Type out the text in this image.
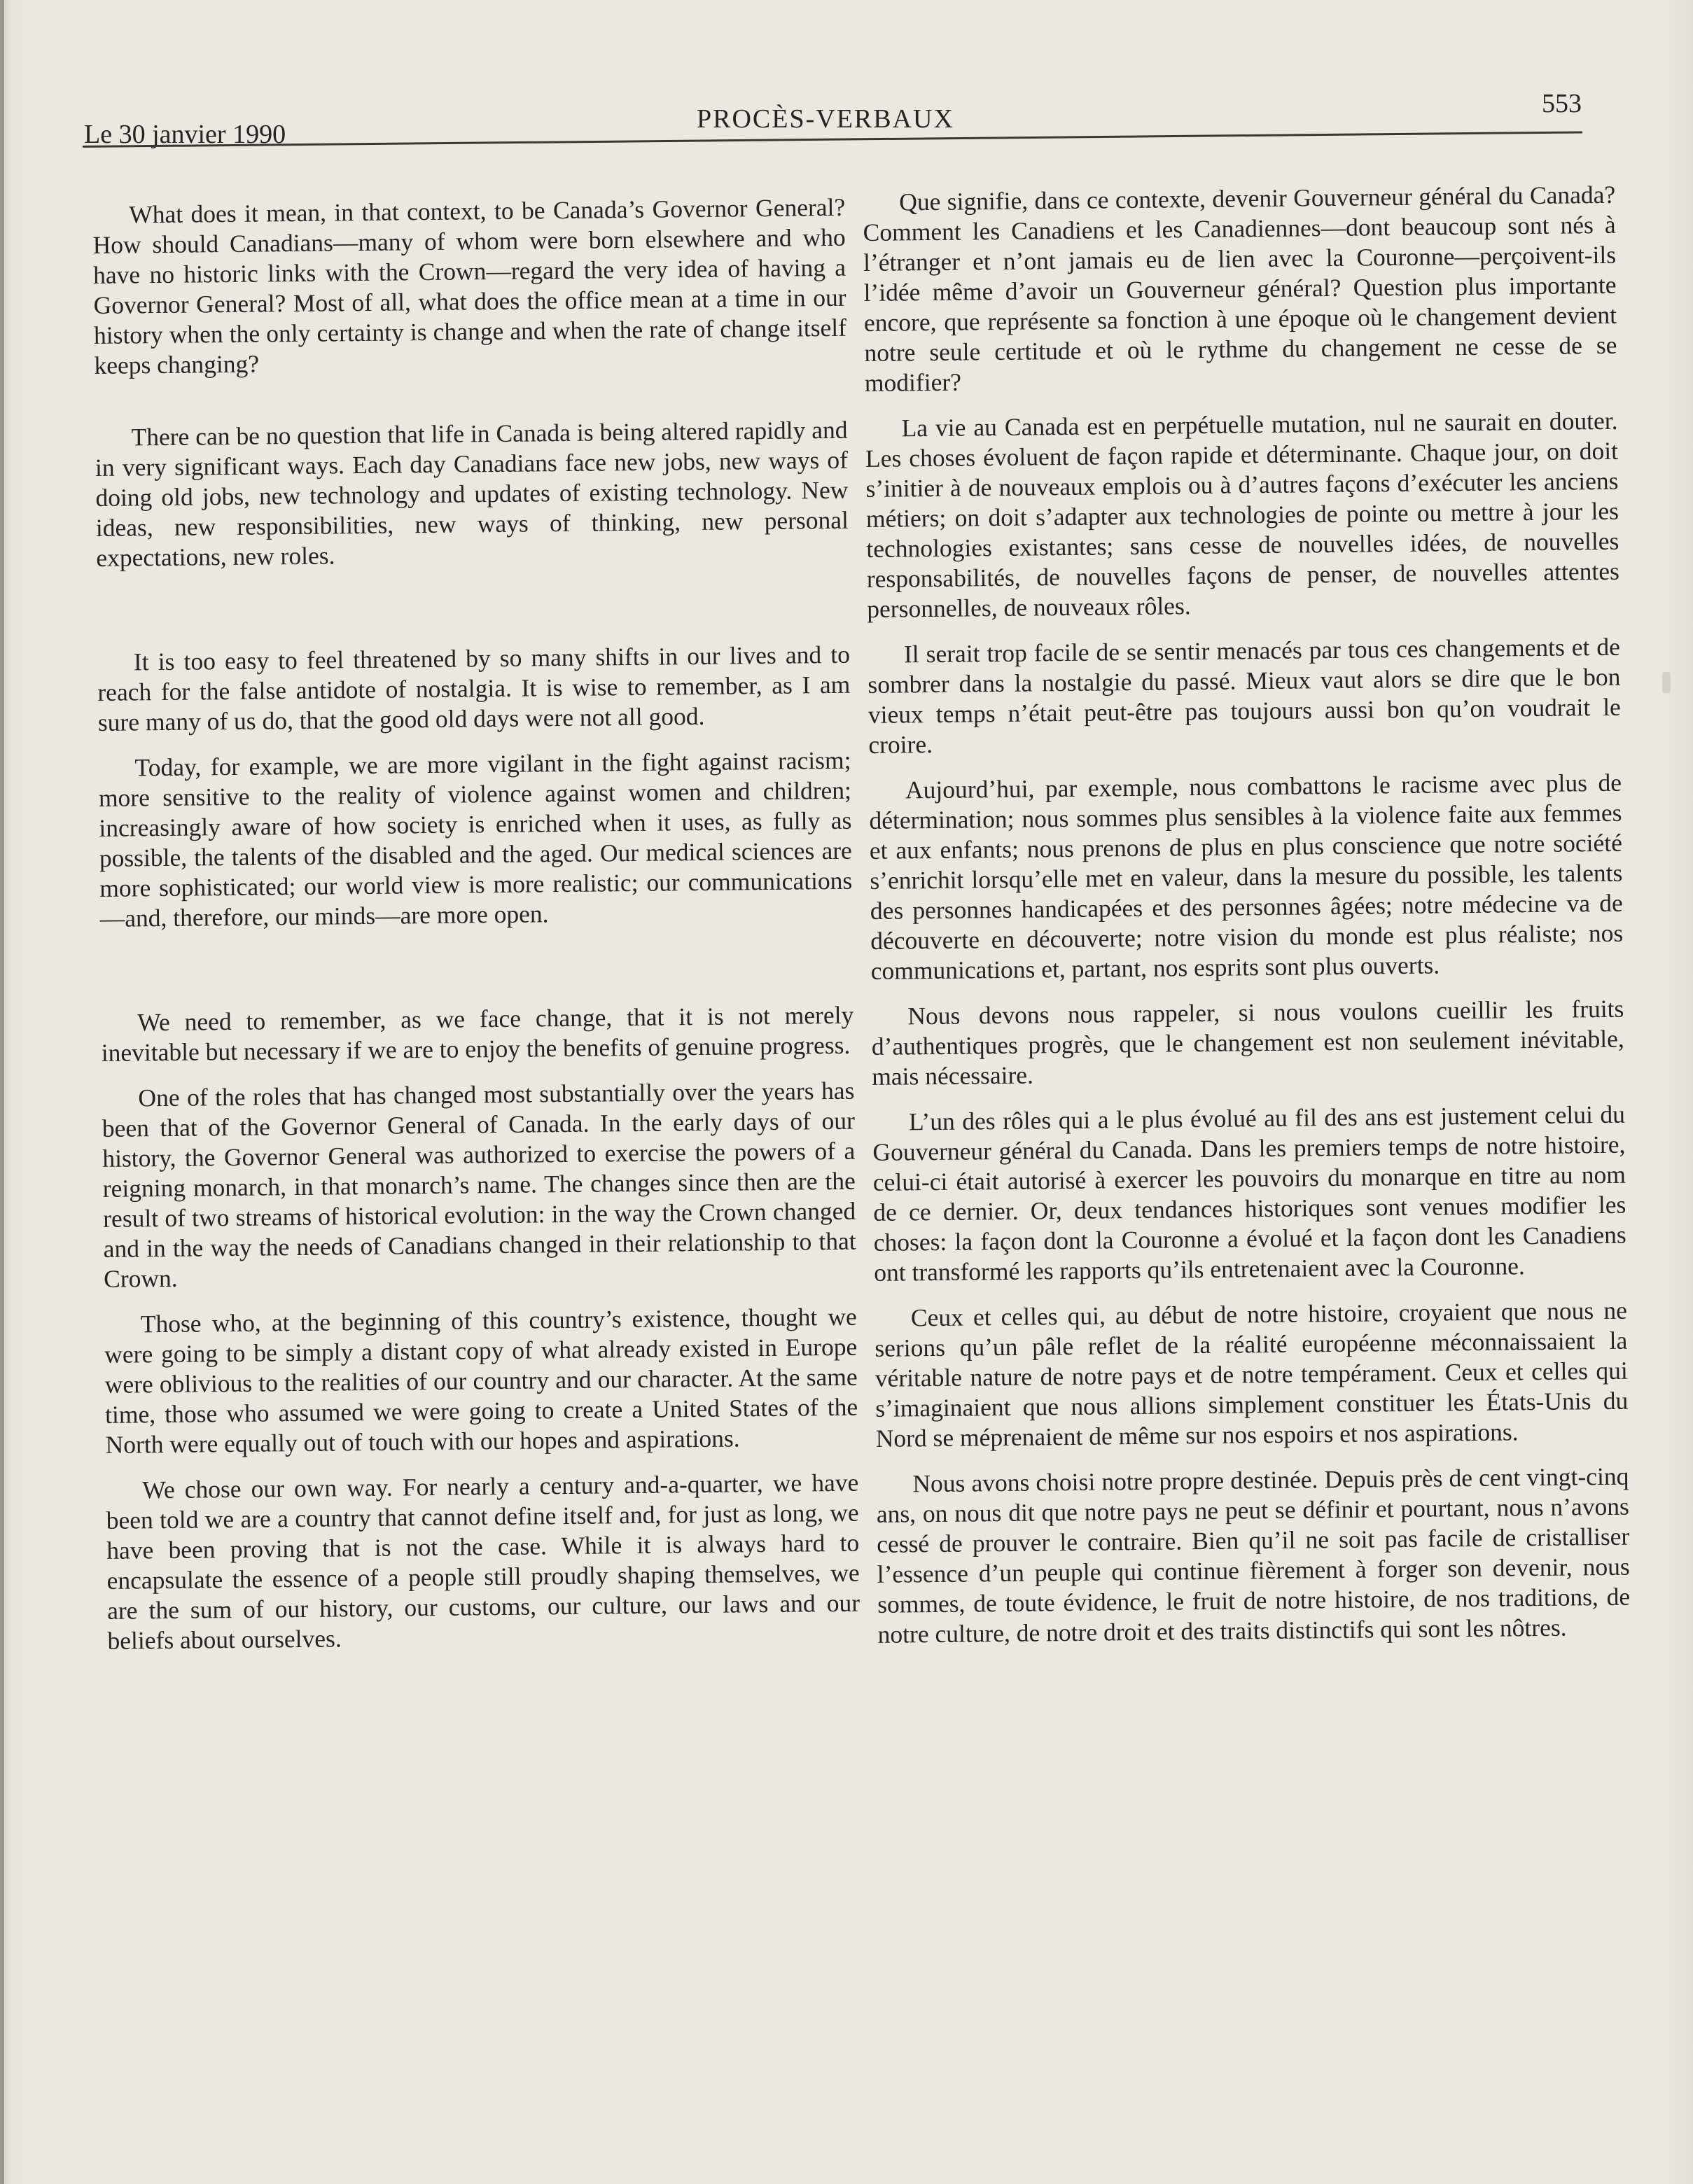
Le 30 janvier 1990
PROCÈS-VERBAUX
553

What does it mean, in that context, to be Canada’s Governor General? How should Canadians—many of whom were born elsewhere and who have no historic links with the Crown—regard the very idea of having a Governor General? Most of all, what does the office mean at a time in our history when the only certainty is change and when the rate of change itself keeps changing?

There can be no question that life in Canada is being altered rapidly and in very significant ways. Each day Canadians face new jobs, new ways of doing old jobs, new technology and updates of existing technology. New ideas, new responsibilities, new ways of thinking, new personal expectations, new roles.

It is too easy to feel threatened by so many shifts in our lives and to reach for the false antidote of nostalgia. It is wise to remember, as I am sure many of us do, that the good old days were not all good.

Today, for example, we are more vigilant in the fight against racism; more sensitive to the reality of violence against women and children; increasingly aware of how society is enriched when it uses, as fully as possible, the talents of the disabled and the aged. Our medical sciences are more sophisticated; our world view is more realistic; our communications—and, therefore, our minds—are more open.

We need to remember, as we face change, that it is not merely inevitable but necessary if we are to enjoy the benefits of genuine progress.

One of the roles that has changed most substantially over the years has been that of the Governor General of Canada. In the early days of our history, the Governor General was authorized to exercise the powers of a reigning monarch, in that monarch’s name. The changes since then are the result of two streams of historical evolution: in the way the Crown changed and in the way the needs of Canadians changed in their relationship to that Crown.

Those who, at the beginning of this country’s existence, thought we were going to be simply a distant copy of what already existed in Europe were oblivious to the realities of our country and our character. At the same time, those who assumed we were going to create a United States of the North were equally out of touch with our hopes and aspirations.

We chose our own way. For nearly a century and-a-quarter, we have been told we are a country that cannot define itself and, for just as long, we have been proving that is not the case. While it is always hard to encapsulate the essence of a people still proudly shaping themselves, we are the sum of our history, our customs, our culture, our laws and our beliefs about ourselves.

Que signifie, dans ce contexte, devenir Gouverneur général du Canada? Comment les Canadiens et les Canadiennes—dont beaucoup sont nés à l’étranger et n’ont jamais eu de lien avec la Couronne—perçoivent-ils l’idée même d’avoir un Gouverneur général? Question plus importante encore, que représente sa fonction à une époque où le changement devient notre seule certitude et où le rythme du changement ne cesse de se modifier?

La vie au Canada est en perpétuelle mutation, nul ne saurait en douter. Les choses évoluent de façon rapide et déterminante. Chaque jour, on doit s’initier à de nouveaux emplois ou à d’autres façons d’exécuter les anciens métiers; on doit s’adapter aux technologies de pointe ou mettre à jour les technologies existantes; sans cesse de nouvelles idées, de nouvelles responsabilités, de nouvelles façons de penser, de nouvelles attentes personnelles, de nouveaux rôles.

Il serait trop facile de se sentir menacés par tous ces changements et de sombrer dans la nostalgie du passé. Mieux vaut alors se dire que le bon vieux temps n’était peut-être pas toujours aussi bon qu’on voudrait le croire.

Aujourd’hui, par exemple, nous combattons le racisme avec plus de détermination; nous sommes plus sensibles à la violence faite aux femmes et aux enfants; nous prenons de plus en plus conscience que notre société s’enrichit lorsqu’elle met en valeur, dans la mesure du possible, les talents des personnes handicapées et des personnes âgées; notre médecine va de découverte en découverte; notre vision du monde est plus réaliste; nos communications et, partant, nos esprits sont plus ouverts.

Nous devons nous rappeler, si nous voulons cueillir les fruits d’authentiques progrès, que le changement est non seulement inévitable, mais nécessaire.

L’un des rôles qui a le plus évolué au fil des ans est justement celui du Gouverneur général du Canada. Dans les premiers temps de notre histoire, celui-ci était autorisé à exercer les pouvoirs du monarque en titre au nom de ce dernier. Or, deux tendances historiques sont venues modifier les choses: la façon dont la Couronne a évolué et la façon dont les Canadiens ont transformé les rapports qu’ils entretenaient avec la Couronne.

Ceux et celles qui, au début de notre histoire, croyaient que nous ne serions qu’un pâle reflet de la réalité européenne méconnaissaient la véritable nature de notre pays et de notre tempérament. Ceux et celles qui s’imaginaient que nous allions simplement constituer les États-Unis du Nord se méprenaient de même sur nos espoirs et nos aspirations.

Nous avons choisi notre propre destinée. Depuis près de cent vingt-cinq ans, on nous dit que notre pays ne peut se définir et pourtant, nous n’avons cessé de prouver le contraire. Bien qu’il ne soit pas facile de cristalliser l’essence d’un peuple qui continue fièrement à forger son devenir, nous sommes, de toute évidence, le fruit de notre histoire, de nos traditions, de notre culture, de notre droit et des traits distinctifs qui sont les nôtres.
